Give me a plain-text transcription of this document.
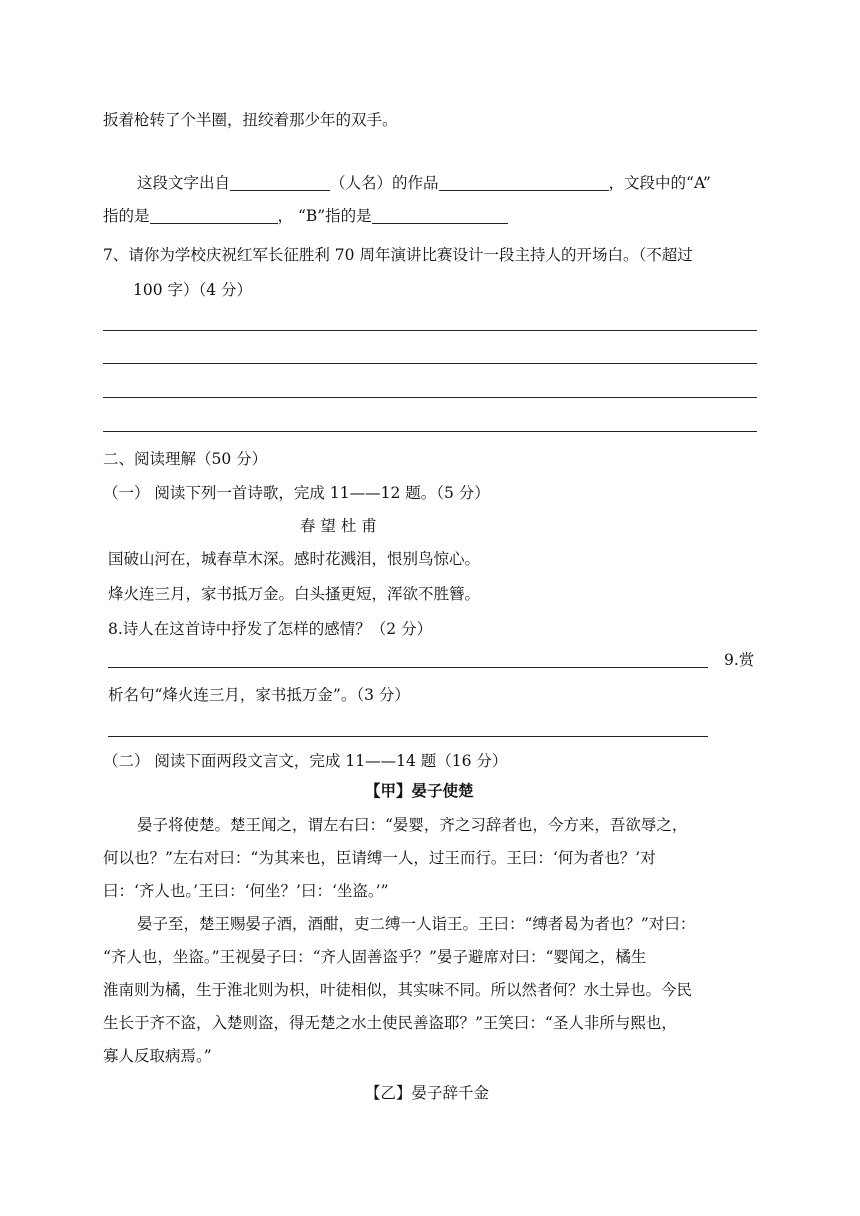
扳着枪转了个半圈，扭绞着那少年的双手。
这段文字出自	（人名）的作品	，文段中的“A”
指的是	， “B”指的是
7、请你为学校庆祝红军长征胜利 70 周年演讲比赛设计一段主持人的开场白。（不超过
100 字）（4 分）
二、阅读理解（50 分）
（一） 阅读下列一首诗歌，完成 11——12 题。（5 分）
春 望 杜 甫
国破山河在，城春草木深。感时花溅泪，恨别鸟惊心。
烽火连三月，家书抵万金。白头搔更短，浑欲不胜簪。
8.诗人在这首诗中抒发了怎样的感情？（2 分）
9.赏
析名句“烽火连三月，家书抵万金”。（3 分）
（二） 阅读下面两段文言文，完成 11——14 题（16 分）
【甲】晏子使楚
晏子将使楚。楚王闻之，谓左右曰：“晏婴，齐之习辞者也，今方来，吾欲辱之，
何以也？”左右对曰：“为其来也，臣请缚一人，过王而行。王曰：‘何为者也？’对
曰：‘齐人也。’王曰：‘何坐？’曰：‘坐盗。’”
晏子至，楚王赐晏子酒，酒酣，吏二缚一人诣王。王曰：“缚者曷为者也？”对曰：
“齐人也，坐盗。”王视晏子曰：“齐人固善盗乎？”晏子避席对曰：“婴闻之，橘生
淮南则为橘，生于淮北则为枳，叶徒相似，其实味不同。所以然者何？水土异也。今民
生长于齐不盗，入楚则盗，得无楚之水土使民善盗耶？”王笑曰：“圣人非所与熙也，
寡人反取病焉。”
【乙】晏子辞千金
